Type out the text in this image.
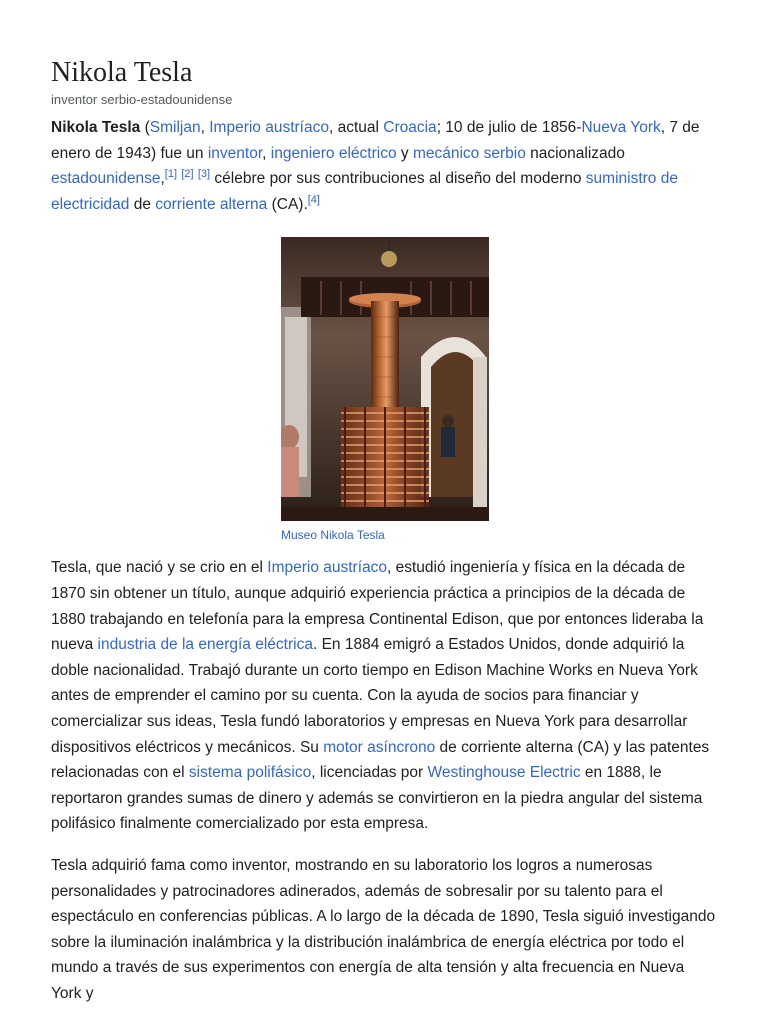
Nikola Tesla
inventor serbio-estadounidense

Nikola Tesla (Smiljan, Imperio austríaco, actual Croacia; 10 de julio de 1856-Nueva York, 7 de enero de 1943) fue un inventor, ingeniero eléctrico y mecánico serbio nacionalizado estadounidense,[1] [2] [3] célebre por sus contribuciones al diseño del moderno suministro de electricidad de corriente alterna (CA).[4]

Museo Nikola Tesla

Tesla, que nació y se crio en el Imperio austríaco, estudió ingeniería y física en la década de 1870 sin obtener un título, aunque adquirió experiencia práctica a principios de la década de 1880 trabajando en telefonía para la empresa Continental Edison, que por entonces lideraba la nueva industria de la energía eléctrica. En 1884 emigró a Estados Unidos, donde adquirió la doble nacionalidad. Trabajó durante un corto tiempo en Edison Machine Works en Nueva York antes de emprender el camino por su cuenta. Con la ayuda de socios para financiar y comercializar sus ideas, Tesla fundó laboratorios y empresas en Nueva York para desarrollar dispositivos eléctricos y mecánicos. Su motor asíncrono de corriente alterna (CA) y las patentes relacionadas con el sistema polifásico, licenciadas por Westinghouse Electric en 1888, le reportaron grandes sumas de dinero y además se convirtieron en la piedra angular del sistema polifásico finalmente comercializado por esta empresa.

Tesla adquirió fama como inventor, mostrando en su laboratorio los logros a numerosas personalidades y patrocinadores adinerados, además de sobresalir por su talento para el espectáculo en conferencias públicas. A lo largo de la década de 1890, Tesla siguió investigando sobre la iluminación inalámbrica y la distribución inalámbrica de energía eléctrica por todo el mundo a través de sus experimentos con energía de alta tensión y alta frecuencia en Nueva York y
